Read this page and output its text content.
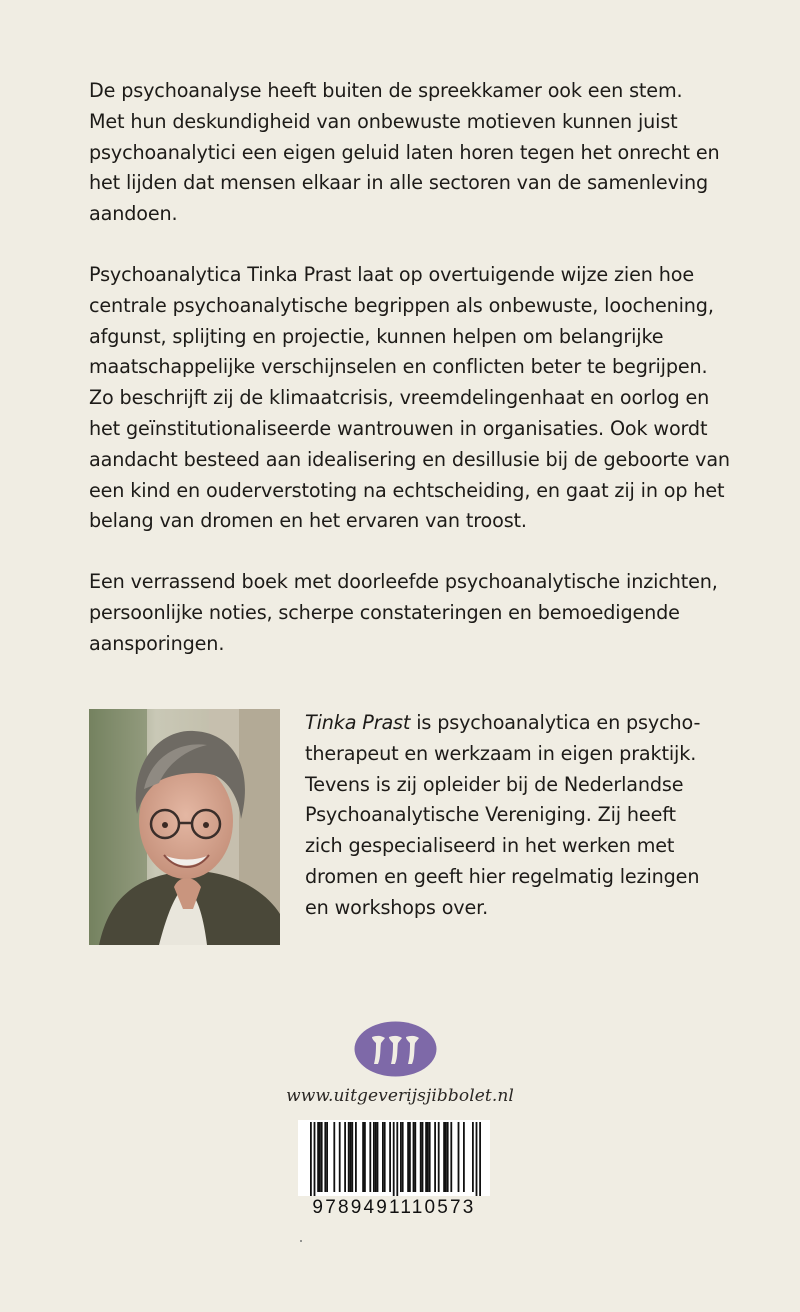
De psychoanalyse heeft buiten de spreekkamer ook een stem.
Met hun deskundigheid van onbewuste motieven kunnen juist
psychoanalytici een eigen geluid laten horen tegen het onrecht en
het lijden dat mensen elkaar in alle sectoren van de samenleving
aandoen.

Psychoanalytica Tinka Prast laat op overtuigende wijze zien hoe
centrale psychoanalytische begrippen als onbewuste, loochening,
afgunst, splijting en projectie, kunnen helpen om belangrijke
maatschappelijke verschijnselen en conflicten beter te begrijpen.
Zo beschrijft zij de klimaatcrisis, vreemdelingenhaat en oorlog en
het geïnstitutionaliseerde wantrouwen in organisaties. Ook wordt
aandacht besteed aan idealisering en desillusie bij de geboorte van
een kind en ouderverstoting na echtscheiding, en gaat zij in op het
belang van dromen en het ervaren van troost.

Een verrassend boek met doorleefde psychoanalytische inzichten,
persoonlijke noties, scherpe constateringen en bemoedigende
aansporingen.

Tinka Prast is psychoanalytica en psycho-
therapeut en werkzaam in eigen praktijk.
Tevens is zij opleider bij de Nederlandse
Psychoanalytische Vereniging. Zij heeft
zich gespecialiseerd in het werken met
dromen en geeft hier regelmatig lezingen
en workshops over.
www.uitgeverijsjibbolet.nl
9789491110573
